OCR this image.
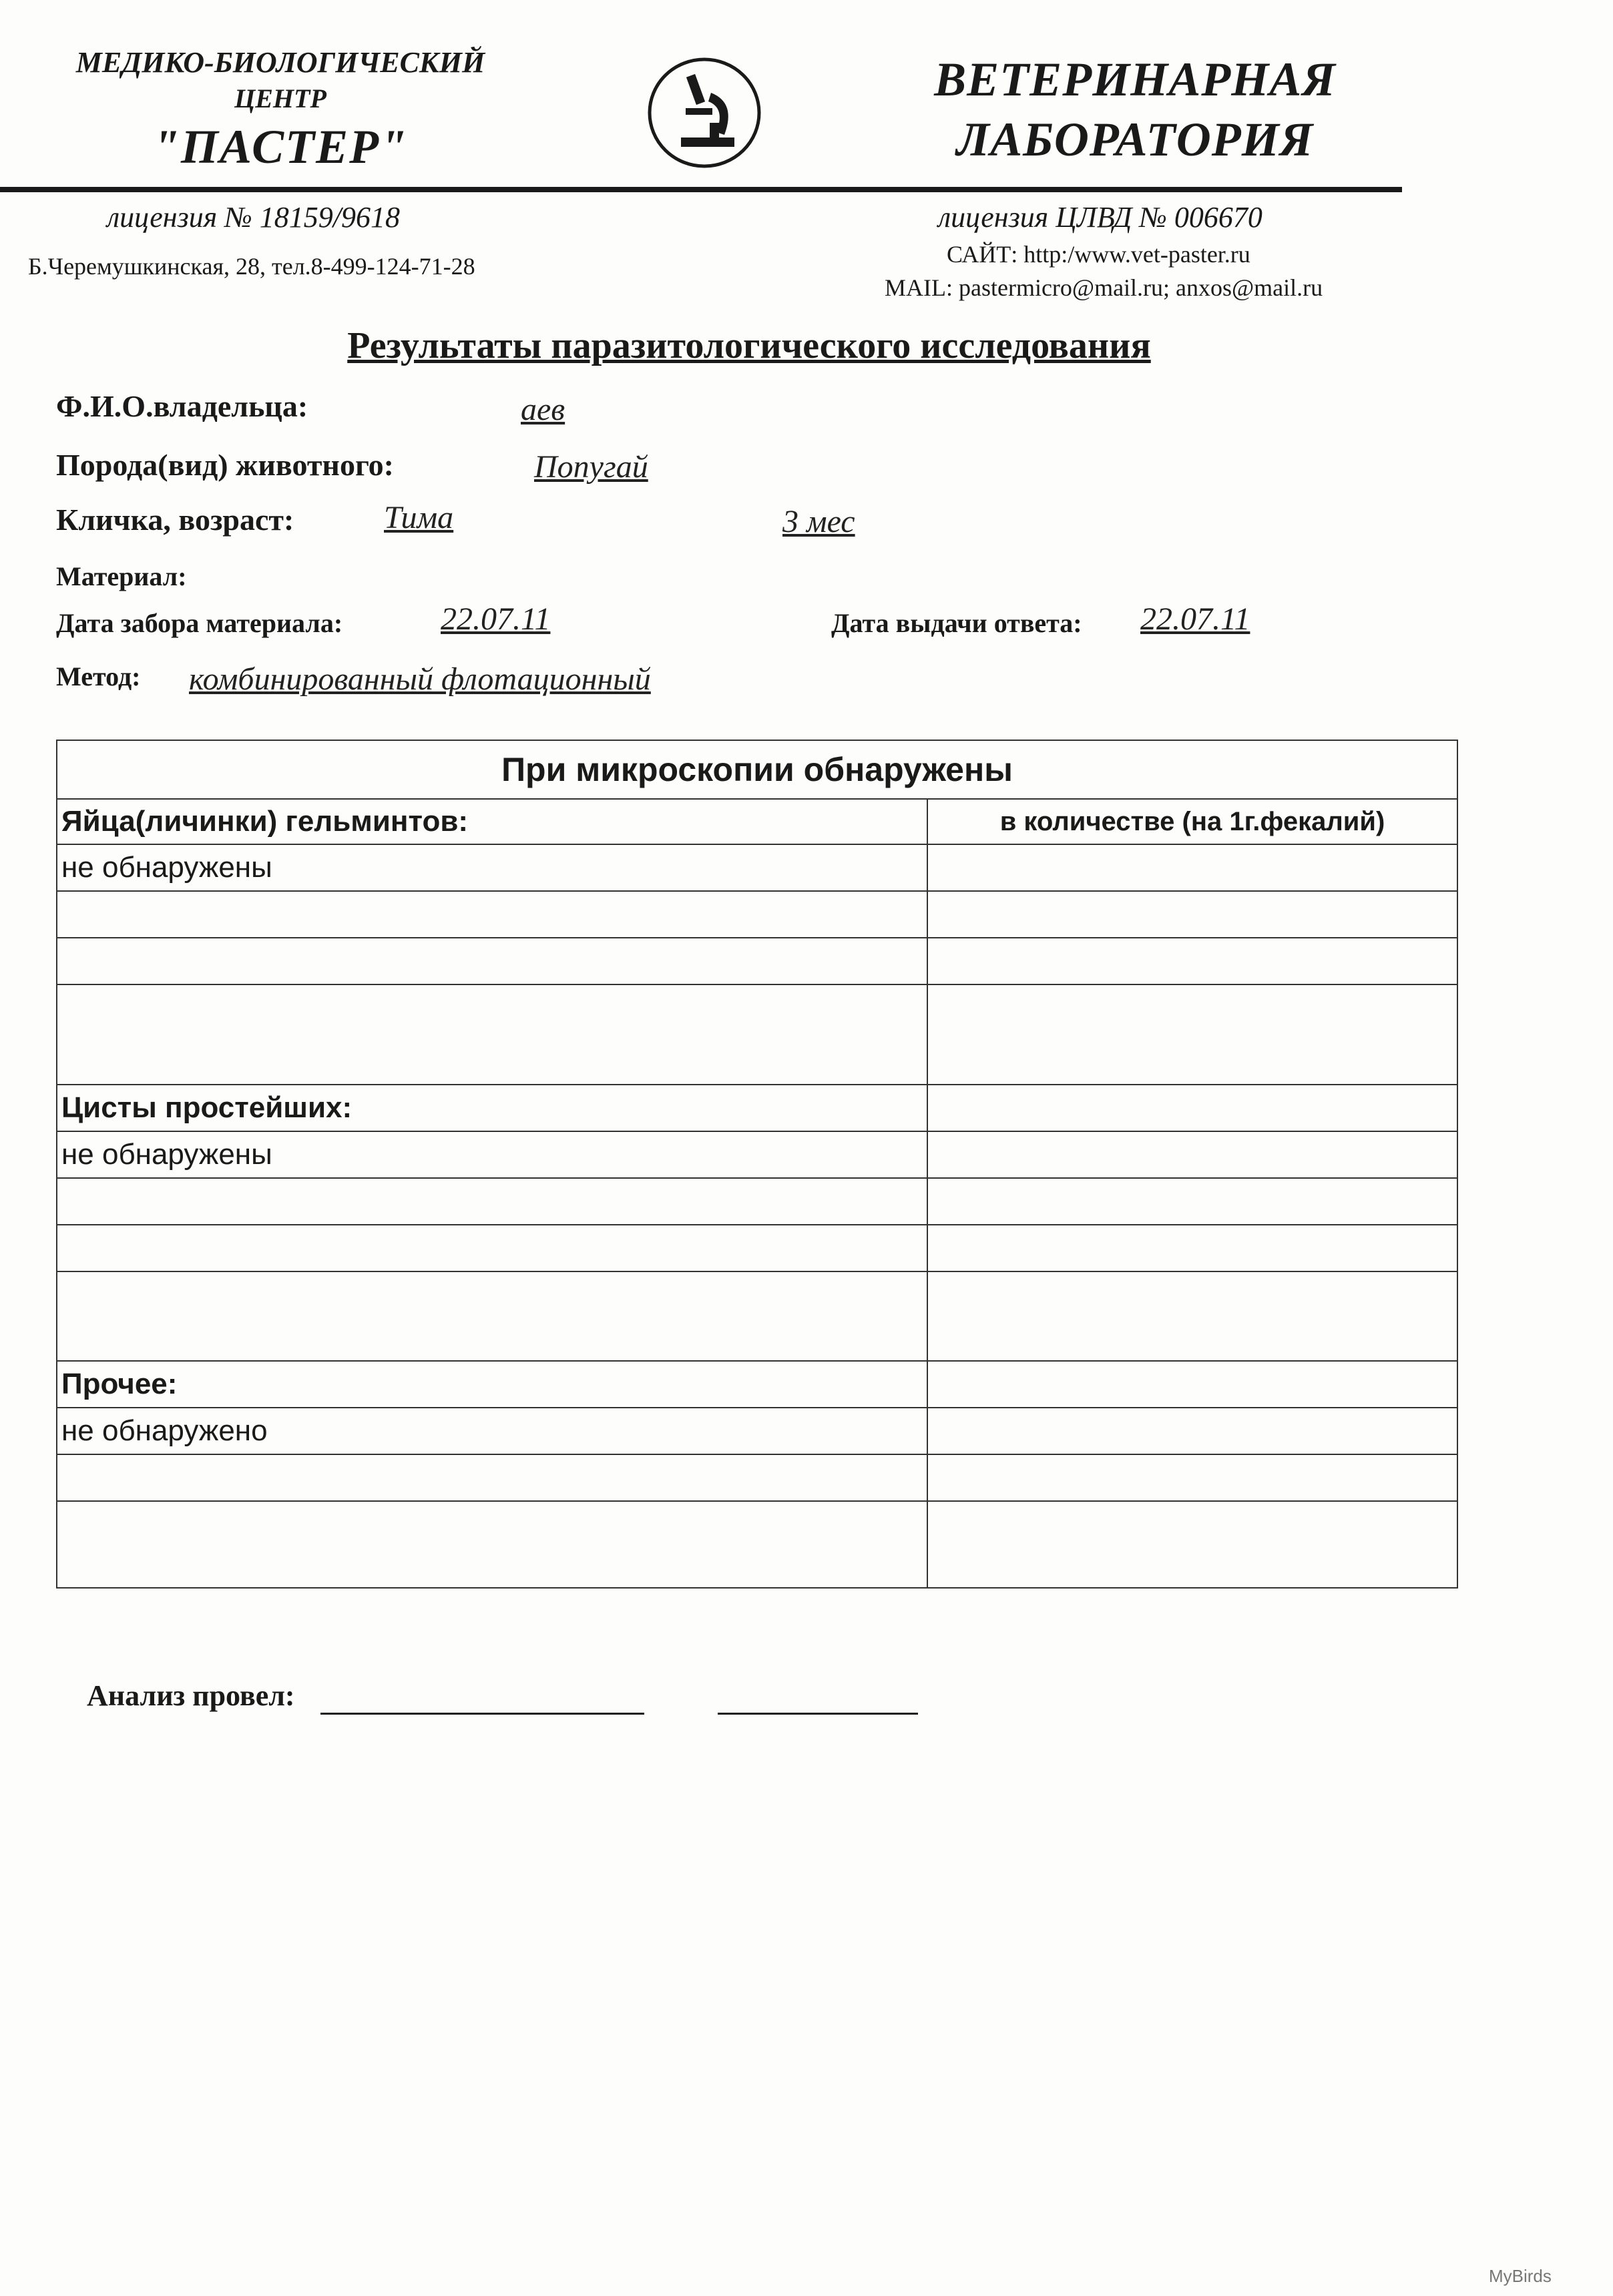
МЕДИКО-БИОЛОГИЧЕСКИЙ
ЦЕНТР
"ПАСТЕР"
ВЕТЕРИНАРНАЯ
ЛАБОРАТОРИЯ
лицензия № 18159/9618
Б.Черемушкинская, 28, тел.8-499-124-71-28
лицензия ЦЛВД № 006670
САЙТ: http:/www.vet-paster.ru
MAIL: pastermicro@mail.ru; anxos@mail.ru
Результаты паразитологического исследования
Ф.И.О.владельца:	аев
Порода(вид) животного:	Попугай
Кличка, возраст:	Тима	3 мес
Материал:
Дата забора материала:	22.07.11	Дата выдачи ответа: 22.07.11
Метод: комбинированный флотационный
При микроскопии обнаружены	
Яйца(личинки) гельминтов:	в количестве (на 1г.фекалий)
не обнаружены	

Цисты простейших:	
не обнаружены	

Прочее:	
не обнаружено	

Анализ провел:
MyBirds
